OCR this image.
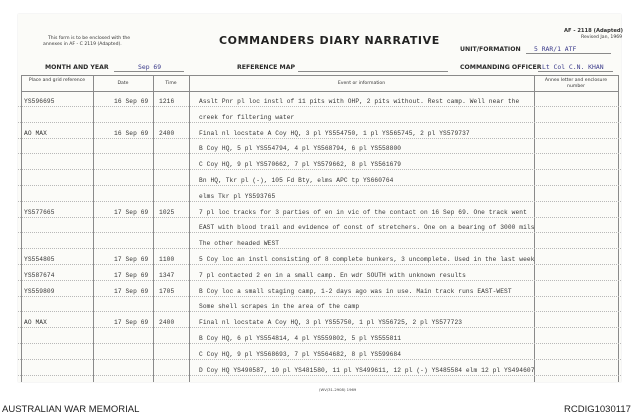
This form is to be enclosed with the
annexes in AF - C 2119 (Adapted).	COMMANDERS DIARY NARRATIVE
AF - 2118 (Adapted)
Revised Jan, 1969
UNIT/FORMATION 5 RAR/1 ATF
MONTH AND YEAR	Sep 69	REFERENCE MAP	COMMANDING OFFICER Lt Col C.N. KHAN
Place and grid reference
Date	Time	Event or information
Annex letter and enclosure number
YS596695	16 Sep 69 1216	Asslt Pnr pl loc instl of 11 pits with OHP, 2 pits without. Rest camp. Well near the
creek for filtering water
AO MAX	16 Sep 69 2400	Final nl locstate A Coy HQ, 3 pl YS554750, 1 pl YS565745, 2 pl YS579737
B Coy HQ, 5 pl YS554794, 4 pl YS568794, 6 pl YS558800
C Coy HQ, 9 pl YS570662, 7 pl YS579662, 8 pl YS561679
Bn HQ, Tkr pl (-), 105 Fd Bty, elms APC tp YS660764
elms Tkr pl YS593765
YS577665	17 Sep 69 1025	7 pl loc tracks for 3 parties of en in vic of the contact on 16 Sep 69. One track went
EAST with blood trail and evidence of const of stretchers. One on a bearing of 3000 mils
The other headed WEST
YS554805	17 Sep 69 1100	5 Coy loc an instl consisting of 8 complete bunkers, 3 uncomplete. Used in the last week
YS587674	17 Sep 69 1347	7 pl contacted 2 en in a small camp. En wdr SOUTH with unknown results
YS559809	17 Sep 69 1705	B Coy loc a small staging camp, 1-2 days ago was in use. Main track runs EAST-WEST
Some shell scrapes in the area of the camp
AO MAX	17 Sep 69 2400	Final nl locstate A Coy HQ, 3 pl YS55750, 1 pl YS56725, 2 pl YS577723
B Coy HQ, 6 pl YS554814, 4 pl YS559802, 5 pl YS555811
C Coy HQ, 9 pl YS568693, 7 pl YS564682, 8 pl YS599684
D Coy HQ YS490587, 10 pl YS481580, 11 pl YS499611, 12 pl (-) YS485584 elm 12 pl YS494607
(WV/31-2908) 1969
AUSTRALIAN WAR MEMORIAL	RCDIG1030117
